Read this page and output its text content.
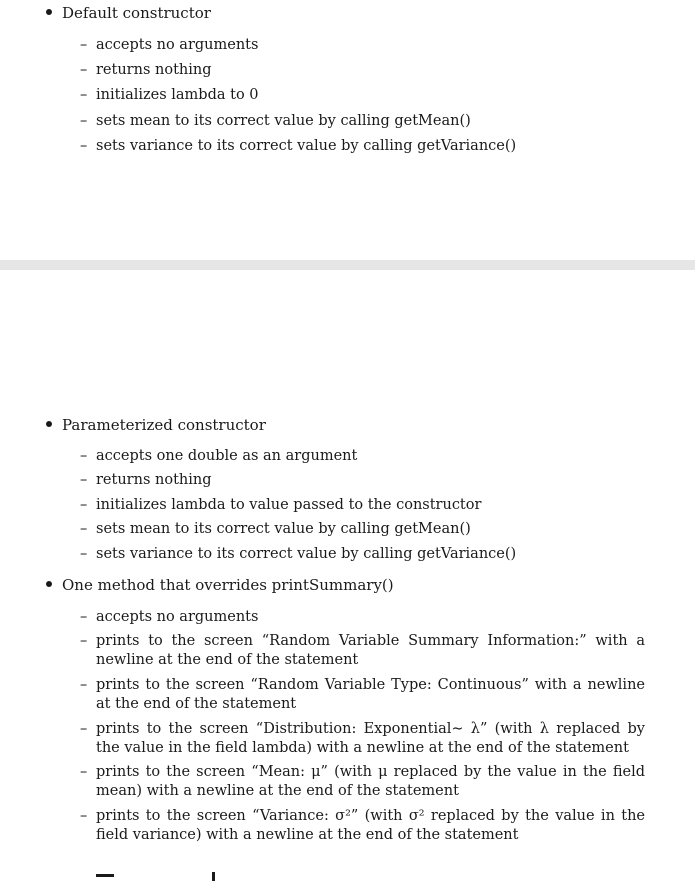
Default constructor
– accepts no arguments
– returns nothing
– initializes lambda to 0
– sets mean to its correct value by calling getMean()
– sets variance to its correct value by calling getVariance()
Parameterized constructor
– accepts one double as an argument
– returns nothing
– initializes lambda to value passed to the constructor
– sets mean to its correct value by calling getMean()
– sets variance to its correct value by calling getVariance()
One method that overrides printSummary()
– accepts no arguments
– prints to the screen “Random Variable Summary Information:” with a newline at the end of the statement
– prints to the screen “Random Variable Type: Continuous” with a newline at the end of the statement
– prints to the screen “Distribution: Exponential∼ λ” (with λ replaced by the value in the field lambda) with a newline at the end of the statement
– prints to the screen “Mean: μ” (with μ replaced by the value in the field mean) with a newline at the end of the statement
– prints to the screen “Variance: σ²” (with σ² replaced by the value in the field variance) with a newline at the end of the statement
